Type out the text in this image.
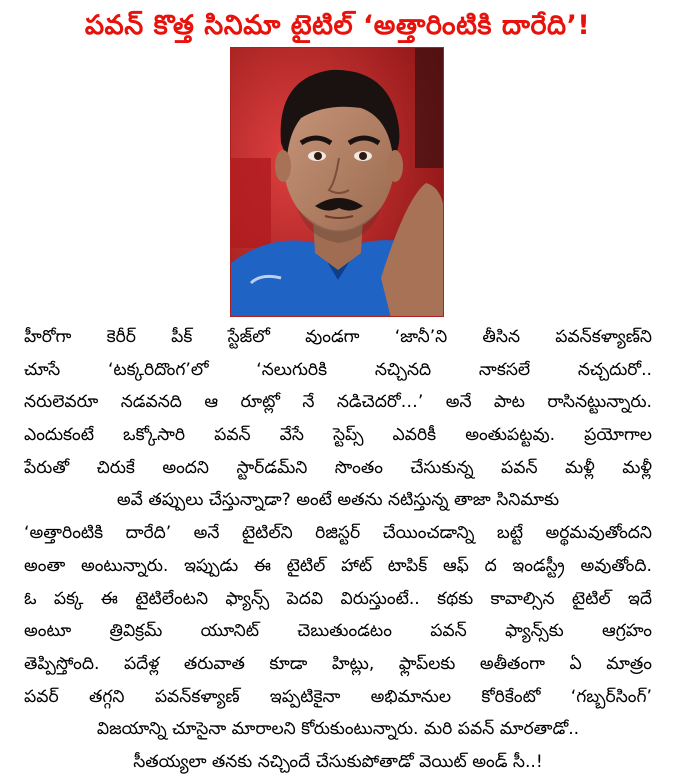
పవన్ కొత్త సినిమా టైటిల్ ‘అత్తారింటికి దారేది’!
హీరోగా కెరీర్ పీక్ స్టేజ్‌లో వుండగా ‘జానీ’ని తీసిన పవన్‌కళ్యాణ్‌ని
చూసే ‘టక్కరిదొంగ’లో ‘నలుగురికి నచ్చినది నాకసలే నచ్చదురో..
నరులెవరూ నడవనది ఆ రూట్లో నే నడిచెదరో…’ అనే పాట రాసినట్టున్నారు.
ఎందుకంటే ఒక్కోసారి పవన్ వేసే స్టెప్స్ ఎవరికీ అంతుపట్టవు. ప్రయోగాల
పేరుతో చిరుకే అందని స్టార్‌డమ్‌ని సొంతం చేసుకున్న పవన్ మళ్లీ మళ్లీ
అవే తప్పులు చేస్తున్నాడా? అంటే అతను నటిస్తున్న తాజా సినిమాకు
‘అత్తారింటికి దారేది’ అనే టైటిల్‌ని రిజిస్టర్ చేయించడాన్ని బట్టే అర్థమవుతోందని
అంతా అంటున్నారు. ఇప్పుడు ఈ టైటిల్ హాట్ టాపిక్ ఆఫ్ ద ఇండస్ట్రీ అవుతోంది.
ఓ పక్క ఈ టైటిలేంటని ఫ్యాన్స్ పెదవి విరుస్తుంటే.. కథకు కావాల్సిన టైటిల్ ఇదే
అంటూ త్రివిక్రమ్ యూనిట్ చెబుతుండటం పవన్ ఫ్యాన్స్‌కు ఆగ్రహం
తెప్పిస్తోంది. పదేళ్ల తరువాత కూడా హిట్లు, ఫ్లాప్‌లకు అతీతంగా ఏ మాత్రం
పవర్ తగ్గని పవన్‌కళ్యాణ్ ఇప్పటికైనా అభిమానుల కోరికేంటో ‘గబ్బర్‌సింగ్’
విజయాన్ని చూసైనా మారాలని కోరుకుంటున్నారు. మరి పవన్ మారతాడో..
సీతయ్యలా తనకు నచ్చిందే చేసుకుపోతాడో వెయిట్ అండ్ సీ..!
